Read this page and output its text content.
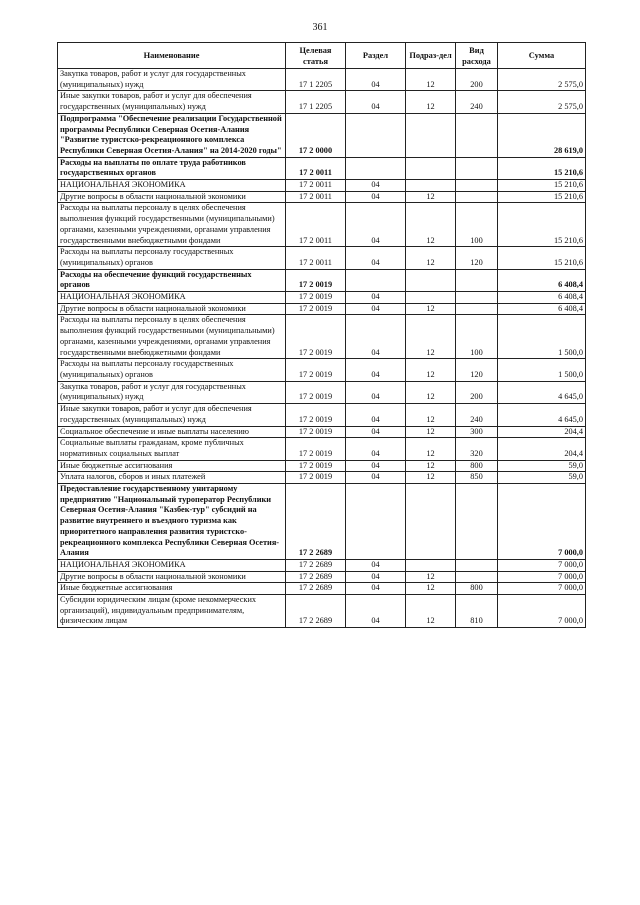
361
Наименование	Целевая статья	Раздел	Подраз-дел	Вид расхода	Сумма
Закупка товаров, работ и услуг для государственных (муниципальных) нужд	17 1 2205	04	12	200	2 575,0
Иные закупки товаров, работ и услуг для обеспечения государственных (муниципальных) нужд	17 1 2205	04	12	240	2 575,0
Подпрограмма "Обеспечение реализации Государственной программы Республики Северная Осетия-Алания "Развитие туристско-рекреационного комплекса Республики Северная Осетия-Алания" на 2014-2020 годы"	17 2 0000				28 619,0
Расходы на выплаты по оплате труда работников государственных органов	17 2 0011				15 210,6
НАЦИОНАЛЬНАЯ ЭКОНОМИКА	17 2 0011	04			15 210,6
Другие вопросы в области национальной экономики	17 2 0011	04	12		15 210,6
Расходы на выплаты персоналу в целях обеспечения выполнения функций государственными (муниципальными) органами, казенными учреждениями, органами управления государственными внебюджетными фондами	17 2 0011	04	12	100	15 210,6
Расходы на выплаты персоналу государственных (муниципальных) органов	17 2 0011	04	12	120	15 210,6
Расходы на обеспечение функций государственных органов	17 2 0019				6 408,4
НАЦИОНАЛЬНАЯ ЭКОНОМИКА	17 2 0019	04			6 408,4
Другие вопросы в области национальной экономики	17 2 0019	04	12		6 408,4
Расходы на выплаты персоналу в целях обеспечения выполнения функций государственными (муниципальными) органами, казенными учреждениями, органами управления государственными внебюджетными фондами	17 2 0019	04	12	100	1 500,0
Расходы на выплаты персоналу государственных (муниципальных) органов	17 2 0019	04	12	120	1 500,0
Закупка товаров, работ и услуг для государственных (муниципальных) нужд	17 2 0019	04	12	200	4 645,0
Иные закупки товаров, работ и услуг для обеспечения государственных (муниципальных) нужд	17 2 0019	04	12	240	4 645,0
Социальное обеспечение и иные выплаты населению	17 2 0019	04	12	300	204,4
Социальные выплаты гражданам, кроме публичных нормативных социальных выплат	17 2 0019	04	12	320	204,4
Иные бюджетные ассигнования	17 2 0019	04	12	800	59,0
Уплата налогов, сборов и иных платежей	17 2 0019	04	12	850	59,0
Предоставление государственному унитарному предприятию "Национальный туроператор Республики Северная Осетия-Алания "Казбек-тур" субсидий на развитие внутреннего и въездного туризма как приоритетного направления развития туристско-рекреационного комплекса Республики Северная Осетия-Алания	17 2 2689				7 000,0
НАЦИОНАЛЬНАЯ ЭКОНОМИКА	17 2 2689	04			7 000,0
Другие вопросы в области национальной экономики	17 2 2689	04	12		7 000,0
Иные бюджетные ассигнования	17 2 2689	04	12	800	7 000,0
Субсидии юридическим лицам (кроме некоммерческих организаций), индивидуальным предпринимателям, физическим лицам	17 2 2689	04	12	810	7 000,0
